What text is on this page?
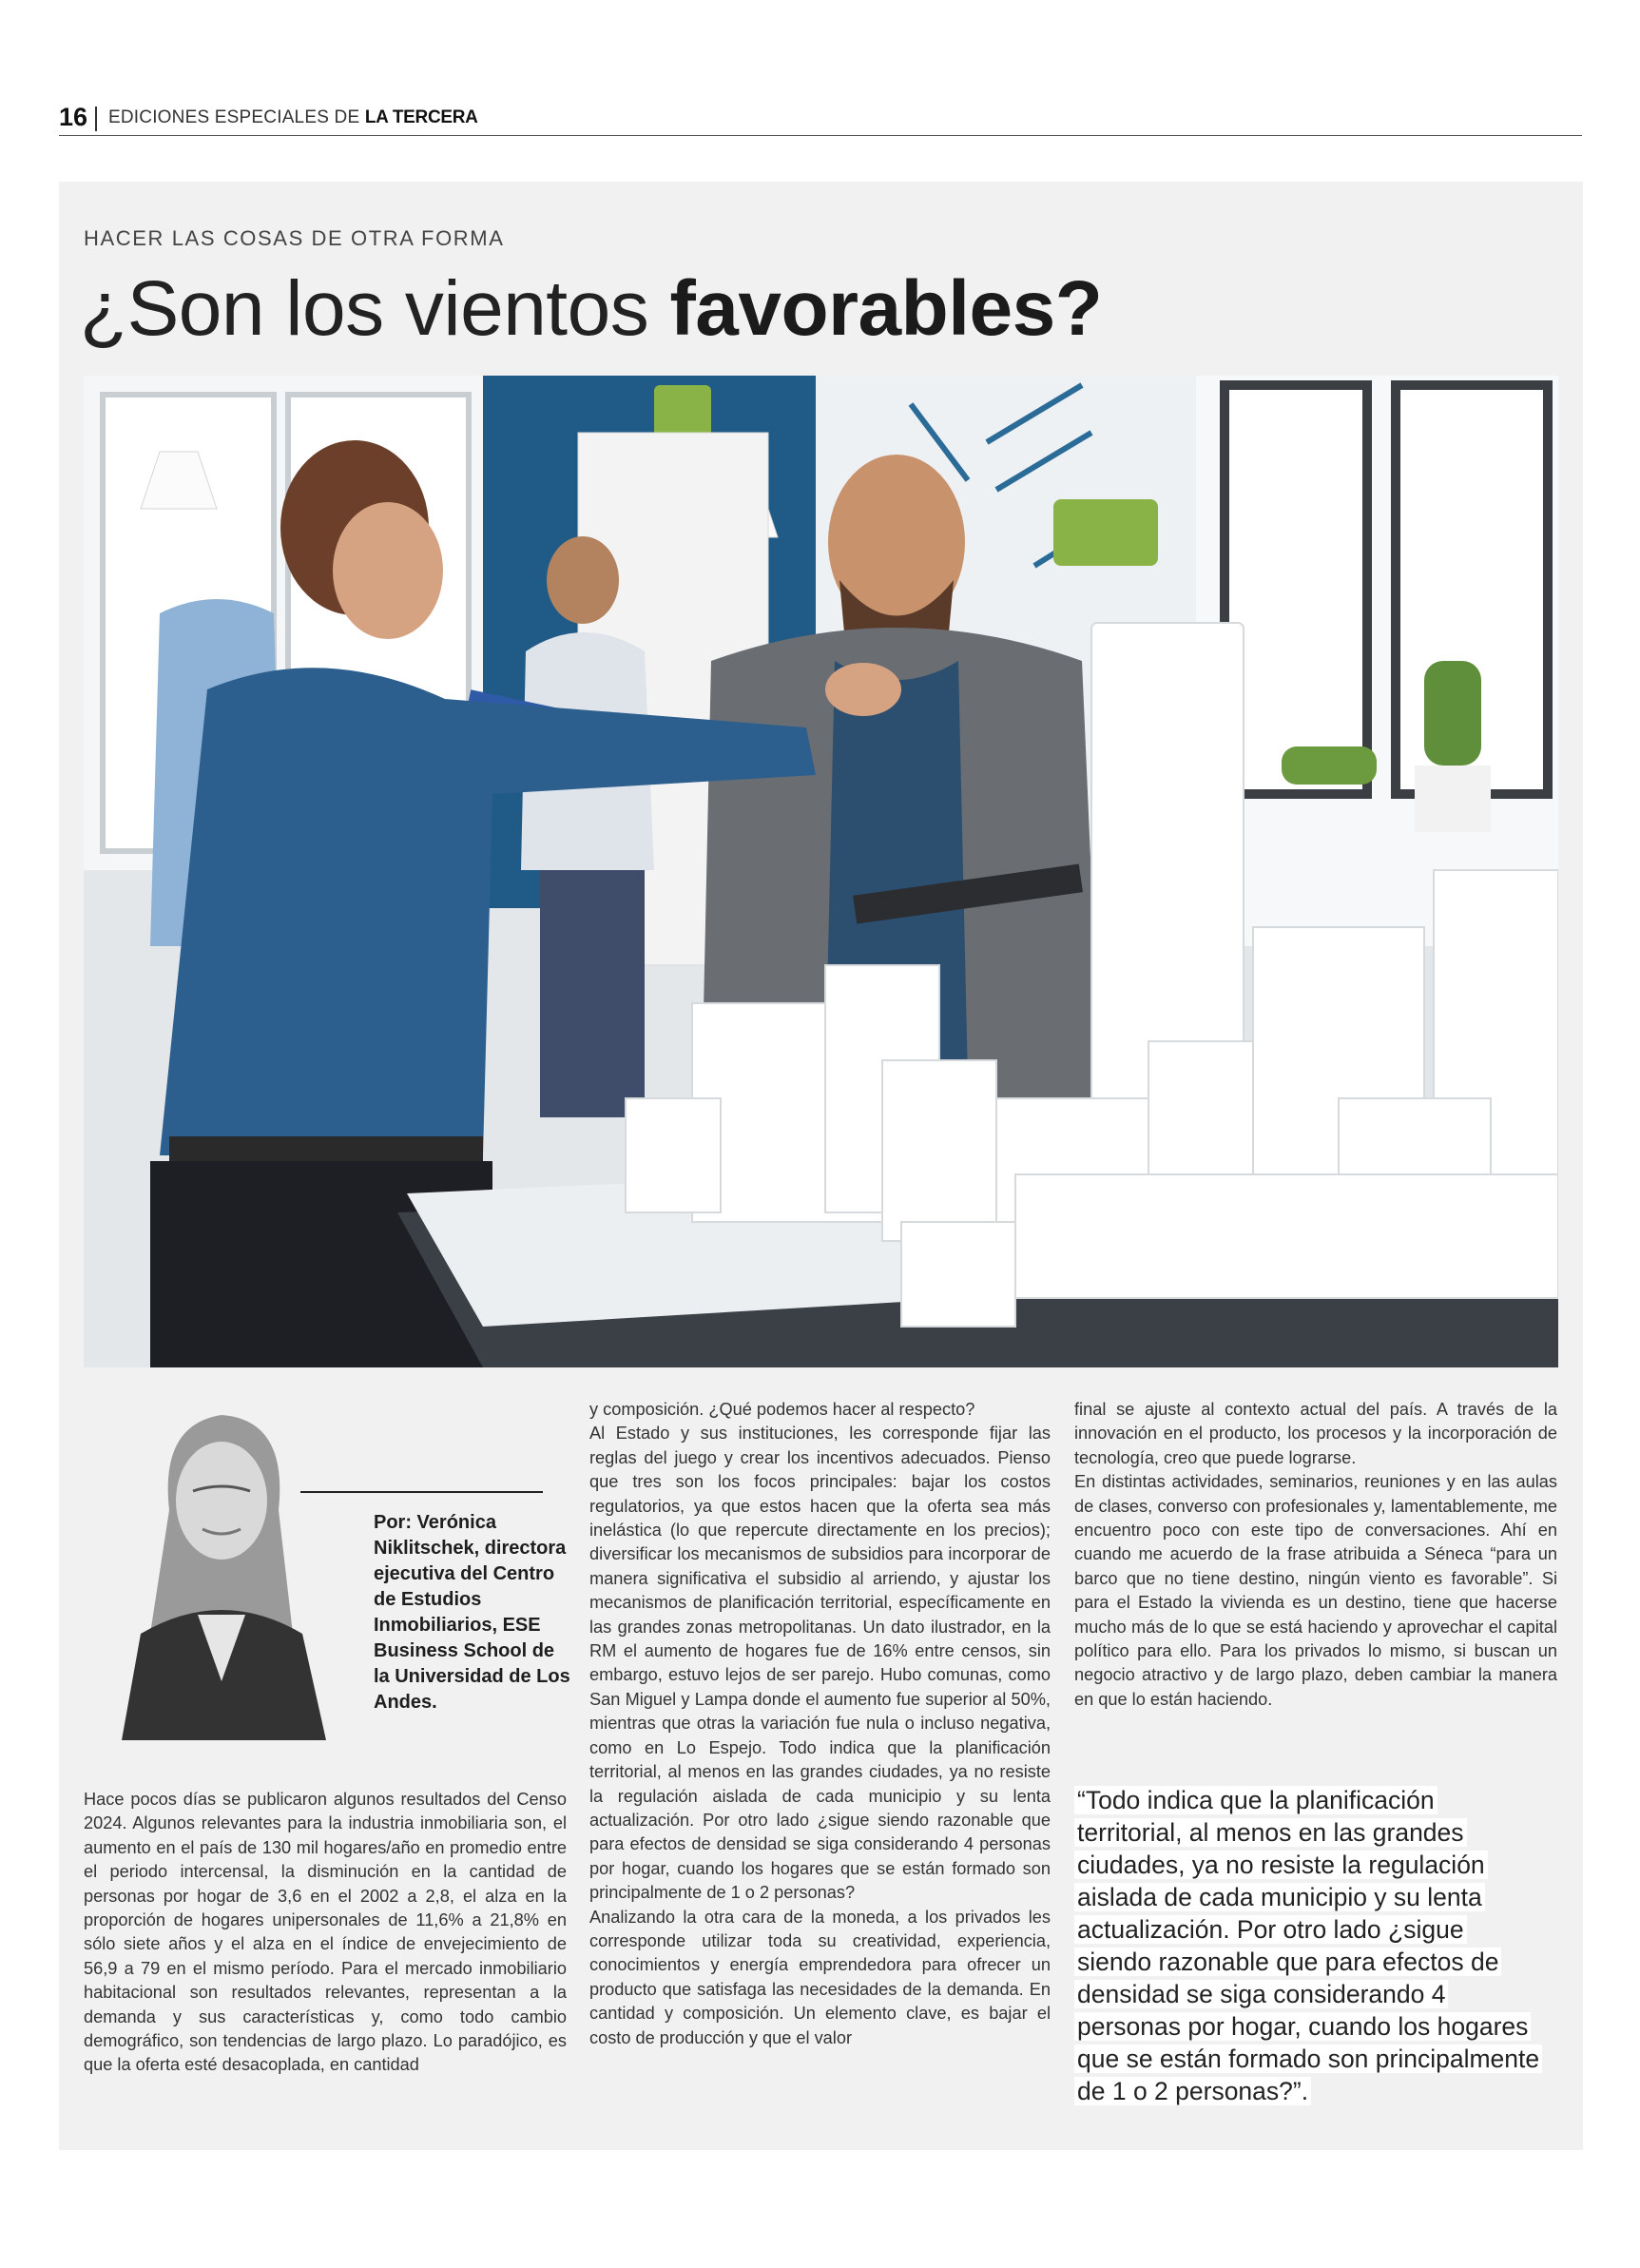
16 EDICIONES ESPECIALES DE LA TERCERA
HACER LAS COSAS DE OTRA FORMA
¿Son los vientos favorables?
Por: Verónica Niklitschek, directora ejecutiva del Centro de Estudios Inmobiliarios, ESE Business School de la Universidad de Los Andes.

Hace pocos días se publicaron algunos resultados del Censo 2024. Algunos relevantes para la industria inmobiliaria son, el aumento en el país de 130 mil hogares/año en promedio entre el periodo intercensal, la disminución en la cantidad de personas por hogar de 3,6 en el 2002 a 2,8, el alza en la proporción de hogares unipersonales de 11,6% a 21,8% en sólo siete años y el alza en el índice de envejecimiento de 56,9 a 79 en el mismo período. Para el mercado inmobiliario habitacional son resultados relevantes, representan a la demanda y sus características y, como todo cambio demográfico, son tendencias de largo plazo. Lo paradójico, es que la oferta esté desacoplada, en cantidad

y composición. ¿Qué podemos hacer al respecto?

Al Estado y sus instituciones, les corresponde fijar las reglas del juego y crear los incentivos adecuados. Pienso que tres son los focos principales: bajar los costos regulatorios, ya que estos hacen que la oferta sea más inelástica (lo que repercute directamente en los precios); diversificar los mecanismos de subsidios para incorporar de manera significativa el subsidio al arriendo, y ajustar los mecanismos de planificación territorial, específicamente en las grandes zonas metropolitanas. Un dato ilustrador, en la RM el aumento de hogares fue de 16% entre censos, sin embargo, estuvo lejos de ser parejo. Hubo comunas, como San Miguel y Lampa donde el aumento fue superior al 50%, mientras que otras la variación fue nula o incluso negativa, como en Lo Espejo. Todo indica que la planificación territorial, al menos en las grandes ciudades, ya no resiste la regulación aislada de cada municipio y su lenta actualización. Por otro lado ¿sigue siendo razonable que para efectos de densidad se siga considerando 4 personas por hogar, cuando los hogares que se están formado son principalmente de 1 o 2 personas?

Analizando la otra cara de la moneda, a los privados les corresponde utilizar toda su creatividad, experiencia, conocimientos y energía emprendedora para ofrecer un producto que satisfaga las necesidades de la demanda. En cantidad y composición. Un elemento clave, es bajar el costo de producción y que el valor

final se ajuste al contexto actual del país. A través de la innovación en el producto, los procesos y la incorporación de tecnología, creo que puede lograrse.

En distintas actividades, seminarios, reuniones y en las aulas de clases, converso con profesionales y, lamentablemente, me encuentro poco con este tipo de conversaciones. Ahí en cuando me acuerdo de la frase atribuida a Séneca “para un barco que no tiene destino, ningún viento es favorable”. Si para el Estado la vivienda es un destino, tiene que hacerse mucho más de lo que se está haciendo y aprovechar el capital político para ello. Para los privados lo mismo, si buscan un negocio atractivo y de largo plazo, deben cambiar la manera en que lo están haciendo.

“Todo indica que la planificación territorial, al menos en las grandes ciudades, ya no resiste la regulación aislada de cada municipio y su lenta actualización. Por otro lado ¿sigue siendo razonable que para efectos de densidad se siga considerando 4 personas por hogar, cuando los hogares que se están formado son principalmente de 1 o 2 personas?”.
